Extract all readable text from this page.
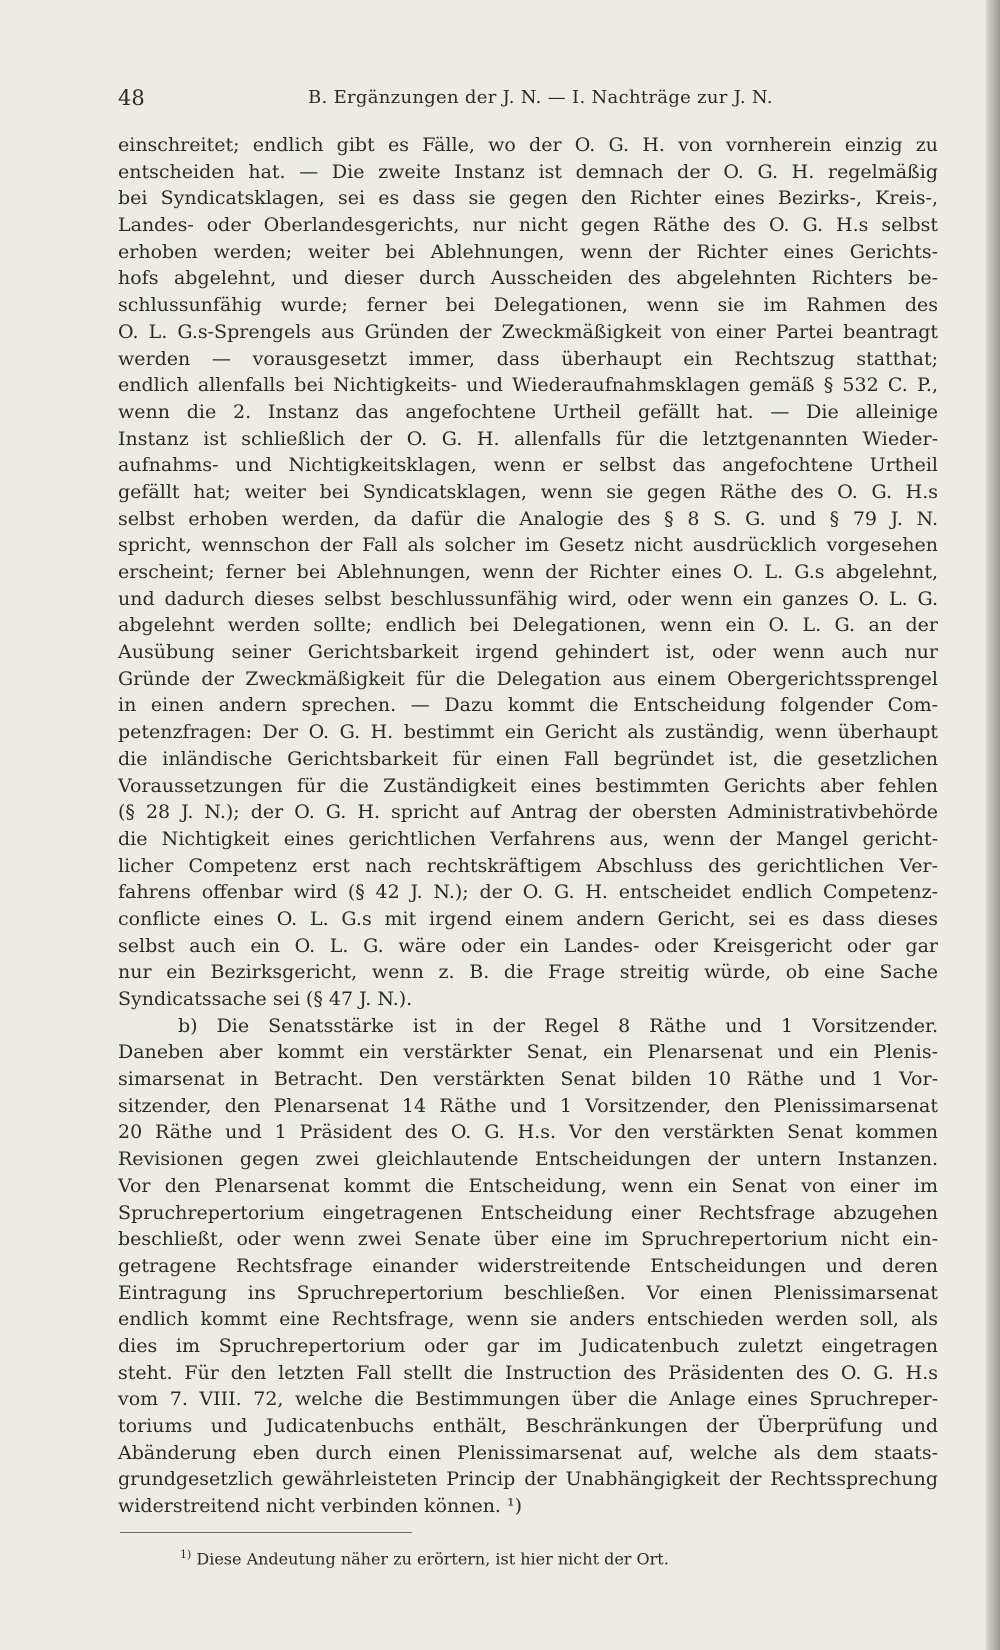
48	B. Ergänzungen der J. N. — I. Nachträge zur J. N.
einschreitet; endlich gibt es Fälle, wo der O. G. H. von vornherein einzig zu
entscheiden hat. — Die zweite Instanz ist demnach der O. G. H. regelmäßig
bei Syndicatsklagen, sei es dass sie gegen den Richter eines Bezirks-, Kreis-,
Landes- oder Oberlandesgerichts, nur nicht gegen Räthe des O. G. H.s selbst
erhoben werden; weiter bei Ablehnungen, wenn der Richter eines Gerichts-
hofs abgelehnt, und dieser durch Ausscheiden des abgelehnten Richters be-
schlussunfähig wurde; ferner bei Delegationen, wenn sie im Rahmen des
O. L. G.s-Sprengels aus Gründen der Zweckmäßigkeit von einer Partei beantragt
werden — vorausgesetzt immer, dass überhaupt ein Rechtszug statthat;
endlich allenfalls bei Nichtigkeits- und Wiederaufnahmsklagen gemäß § 532 C. P.,
wenn die 2. Instanz das angefochtene Urtheil gefällt hat. — Die alleinige
Instanz ist schließlich der O. G. H. allenfalls für die letztgenannten Wieder-
aufnahms- und Nichtigkeitsklagen, wenn er selbst das angefochtene Urtheil
gefällt hat; weiter bei Syndicatsklagen, wenn sie gegen Räthe des O. G. H.s
selbst erhoben werden, da dafür die Analogie des § 8 S. G. und § 79 J. N.
spricht, wennschon der Fall als solcher im Gesetz nicht ausdrücklich vorgesehen
erscheint; ferner bei Ablehnungen, wenn der Richter eines O. L. G.s abgelehnt,
und dadurch dieses selbst beschlussunfähig wird, oder wenn ein ganzes O. L. G.
abgelehnt werden sollte; endlich bei Delegationen, wenn ein O. L. G. an der
Ausübung seiner Gerichtsbarkeit irgend gehindert ist, oder wenn auch nur
Gründe der Zweckmäßigkeit für die Delegation aus einem Obergerichtssprengel
in einen andern sprechen. — Dazu kommt die Entscheidung folgender Com-
petenzfragen: Der O. G. H. bestimmt ein Gericht als zuständig, wenn überhaupt
die inländische Gerichtsbarkeit für einen Fall begründet ist, die gesetzlichen
Voraussetzungen für die Zuständigkeit eines bestimmten Gerichts aber fehlen
(§ 28 J. N.); der O. G. H. spricht auf Antrag der obersten Administrativbehörde
die Nichtigkeit eines gerichtlichen Verfahrens aus, wenn der Mangel gericht-
licher Competenz erst nach rechtskräftigem Abschluss des gerichtlichen Ver-
fahrens offenbar wird (§ 42 J. N.); der O. G. H. entscheidet endlich Competenz-
conflicte eines O. L. G.s mit irgend einem andern Gericht, sei es dass dieses
selbst auch ein O. L. G. wäre oder ein Landes- oder Kreisgericht oder gar
nur ein Bezirksgericht, wenn z. B. die Frage streitig würde, ob eine Sache
Syndicatssache sei (§ 47 J. N.).
b) Die Senatsstärke ist in der Regel 8 Räthe und 1 Vorsitzender.
Daneben aber kommt ein verstärkter Senat, ein Plenarsenat und ein Plenis-
simarsenat in Betracht. Den verstärkten Senat bilden 10 Räthe und 1 Vor-
sitzender, den Plenarsenat 14 Räthe und 1 Vorsitzender, den Plenissimarsenat
20 Räthe und 1 Präsident des O. G. H.s. Vor den verstärkten Senat kommen
Revisionen gegen zwei gleichlautende Entscheidungen der untern Instanzen.
Vor den Plenarsenat kommt die Entscheidung, wenn ein Senat von einer im
Spruchrepertorium eingetragenen Entscheidung einer Rechtsfrage abzugehen
beschließt, oder wenn zwei Senate über eine im Spruchrepertorium nicht ein-
getragene Rechtsfrage einander widerstreitende Entscheidungen und deren
Eintragung ins Spruchrepertorium beschließen. Vor einen Plenissimarsenat
endlich kommt eine Rechtsfrage, wenn sie anders entschieden werden soll, als
dies im Spruchrepertorium oder gar im Judicatenbuch zuletzt eingetragen
steht. Für den letzten Fall stellt die Instruction des Präsidenten des O. G. H.s
vom 7. VIII. 72, welche die Bestimmungen über die Anlage eines Spruchreper-
toriums und Judicatenbuchs enthält, Beschränkungen der Überprüfung und
Abänderung eben durch einen Plenissimarsenat auf, welche als dem staats-
grundgesetzlich gewährleisteten Princip der Unabhängigkeit der Rechtssprechung
widerstreitend nicht verbinden können. ¹)
$^{1)}$ Diese Andeutung näher zu erörtern, ist hier nicht der Ort.
